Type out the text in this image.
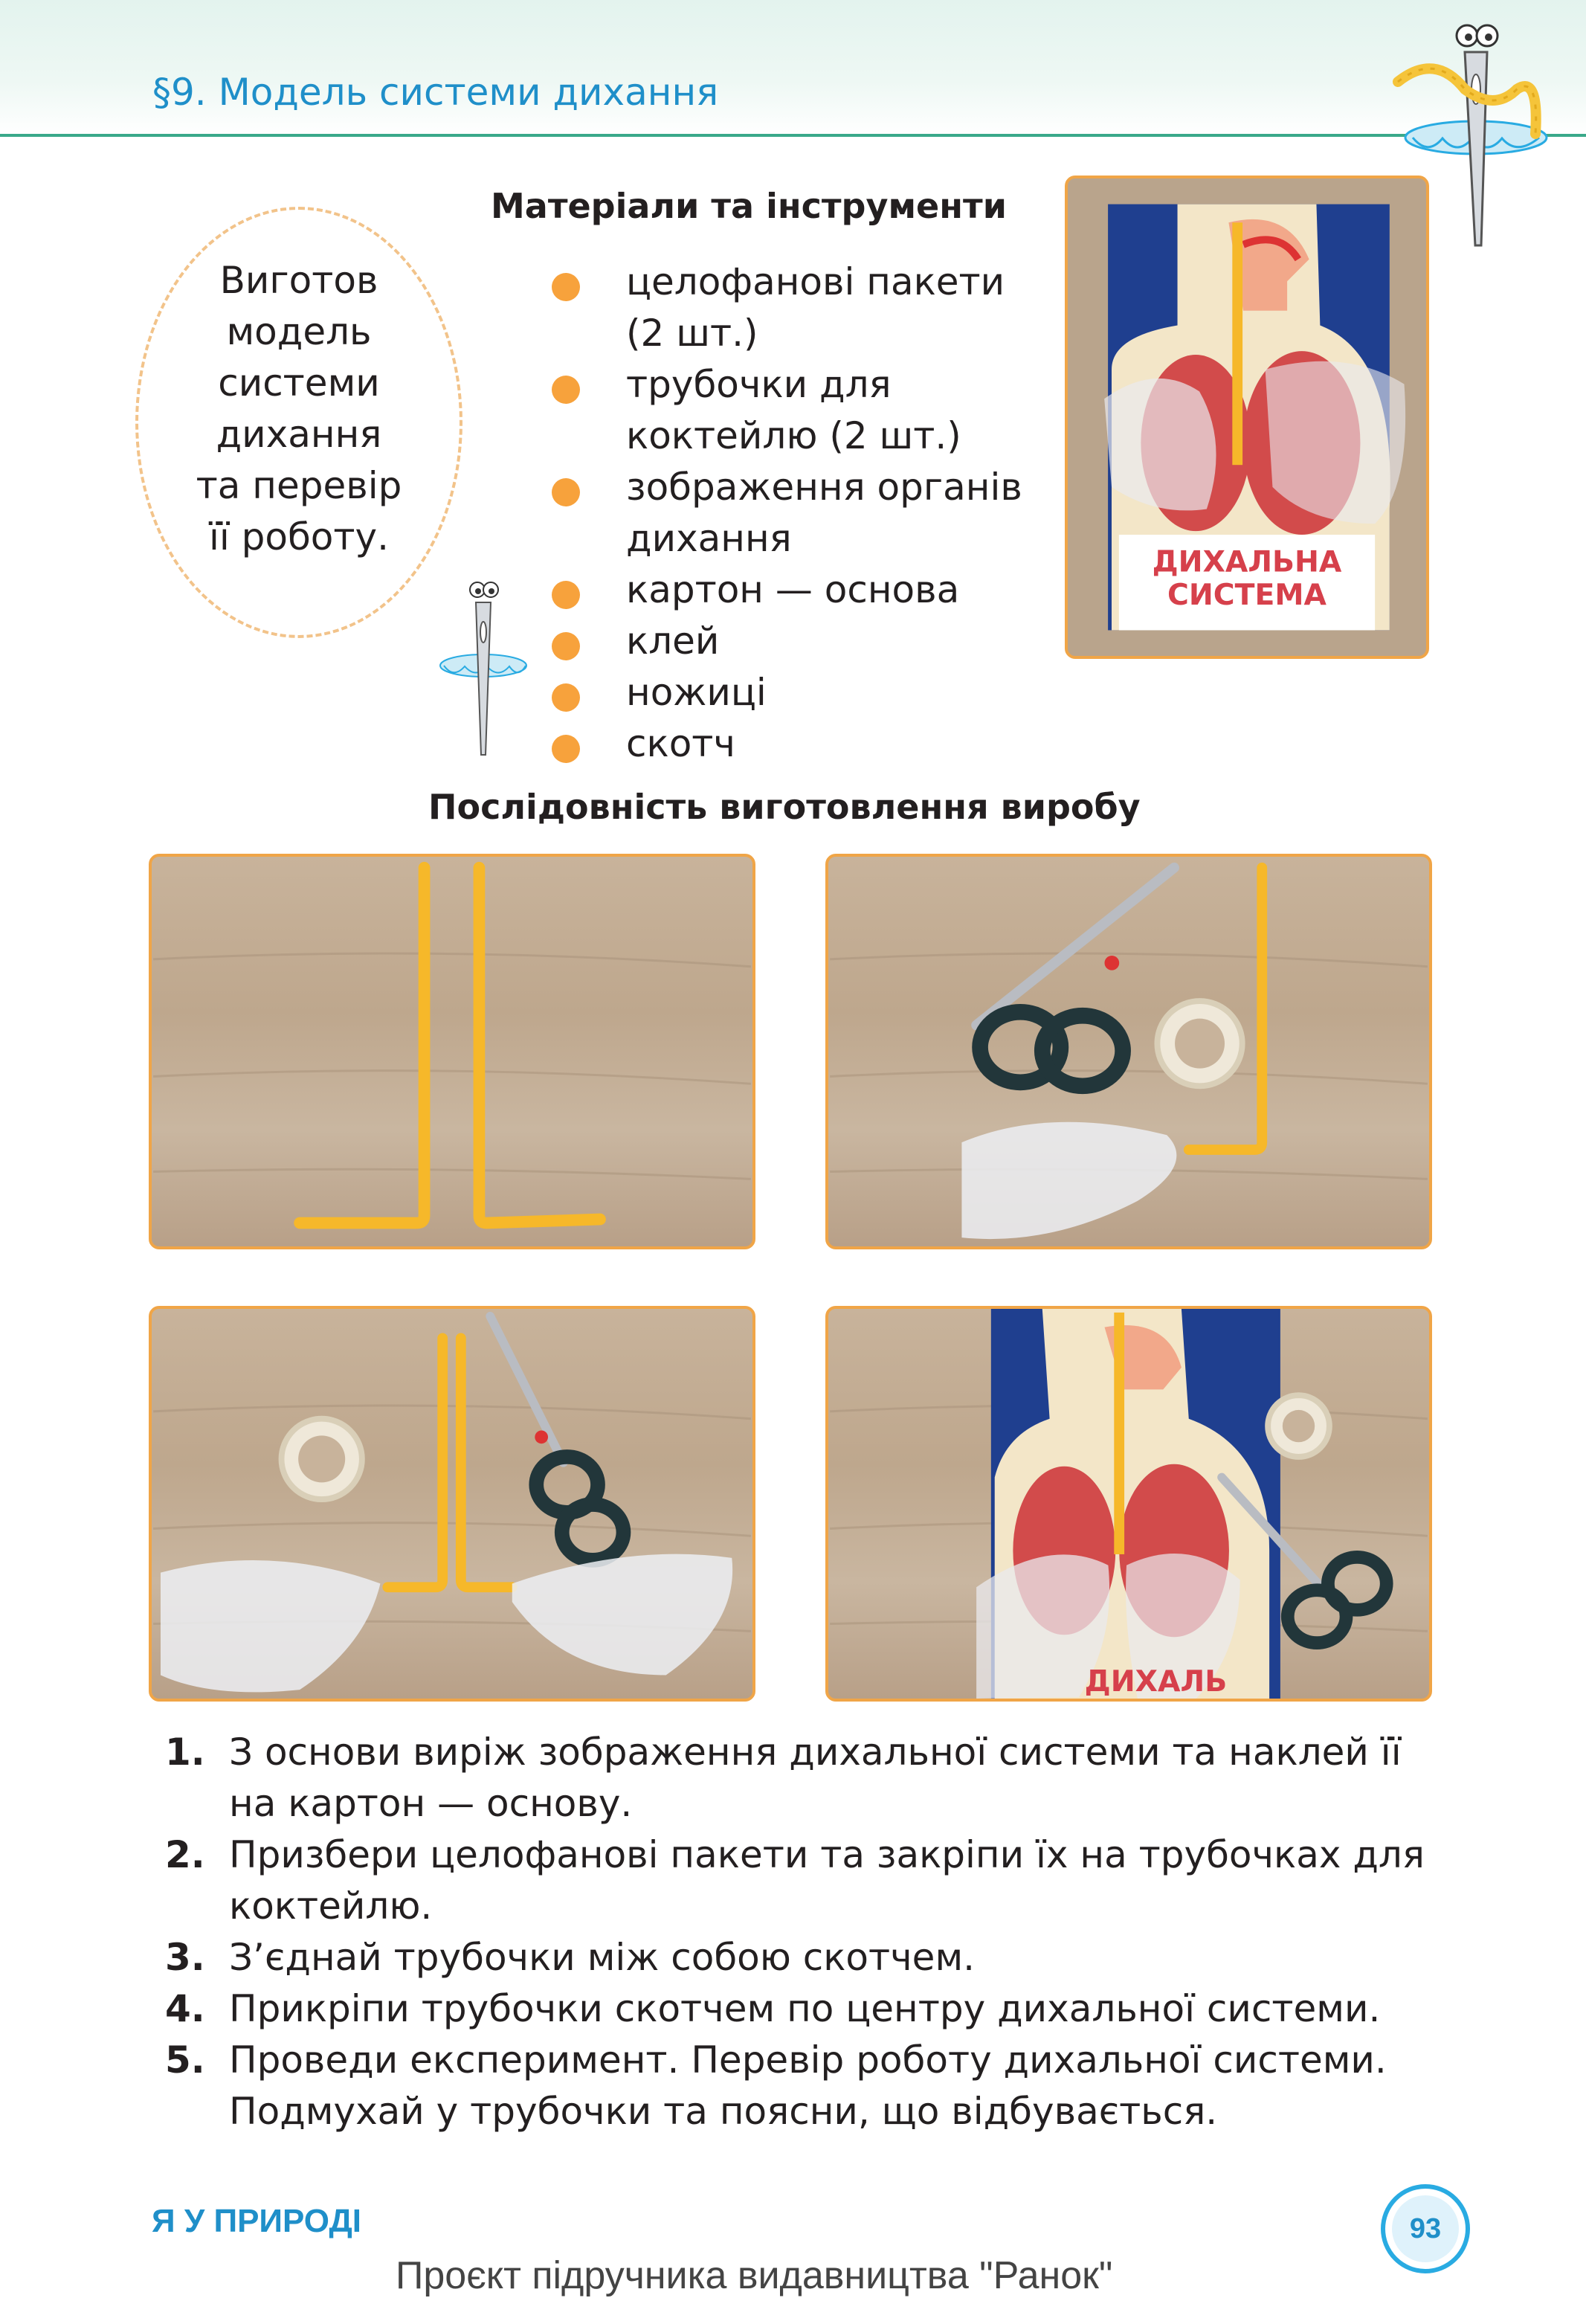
§9. Модель системи дихання
Виготов
модель
системи
дихання
та перевір
її роботу.
Матеріали та інструменти
целофанові пакети
(2 шт.)
трубочки для
коктейлю (2 шт.)
зображення органів
дихання
картон — основа
клей
ножиці
скотч
ДИХАЛЬНА
СИСТЕМА
Послідовність виготовлення виробу
ДИХАЛЬ
1. З основи виріж зображення дихальної системи та наклей її
на картон — основу.
2. Призбери целофанові пакети та закріпи їх на трубочках для
коктейлю.
3. З’єднай трубочки між собою скотчем.
4. Прикріпи трубочки скотчем по центру дихальної системи.
5. Проведи експеримент. Перевір роботу дихальної системи.
Подмухай у трубочки та поясни, що відбувається.
Я У ПРИРОДІ	93
Проєкт підручника видавництва "Ранок"
